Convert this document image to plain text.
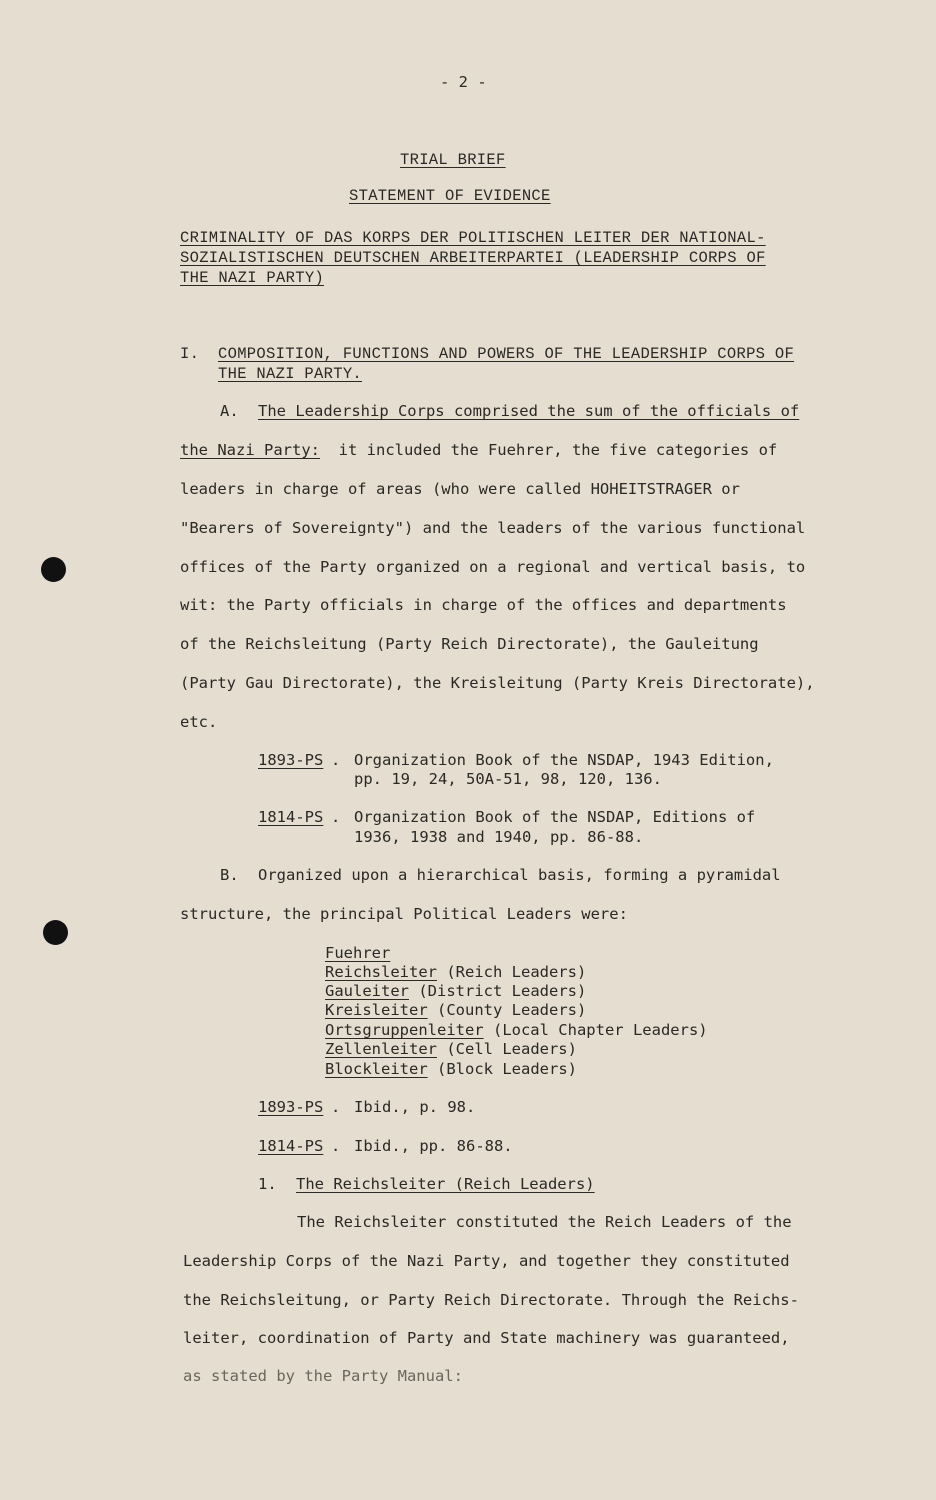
- 2 -
TRIAL BRIEF
STATEMENT OF EVIDENCE
CRIMINALITY OF DAS KORPS DER POLITISCHEN LEITER DER NATIONAL-
SOZIALISTISCHEN DEUTSCHEN ARBEITERPARTEI (LEADERSHIP CORPS OF
THE NAZI PARTY)
I. COMPOSITION, FUNCTIONS AND POWERS OF THE LEADERSHIP CORPS OF
THE NAZI PARTY.
A. The Leadership Corps comprised the sum of the officials of
the Nazi Party: it included the Fuehrer, the five categories of
leaders in charge of areas (who were called HOHEITSTRAGER or
"Bearers of Sovereignty") and the leaders of the various functional
offices of the Party organized on a regional and vertical basis, to
wit: the Party officials in charge of the offices and departments
of the Reichsleitung (Party Reich Directorate), the Gauleitung
(Party Gau Directorate), the Kreisleitung (Party Kreis Directorate),
etc.
1893-PS . Organization Book of the NSDAP, 1943 Edition,
pp. 19, 24, 50A-51, 98, 120, 136.
1814-PS . Organization Book of the NSDAP, Editions of
1936, 1938 and 1940, pp. 86-88.
B. Organized upon a hierarchical basis, forming a pyramidal
structure, the principal Political Leaders were:
Fuehrer
Reichsleiter (Reich Leaders)
Gauleiter (District Leaders)
Kreisleiter (County Leaders)
Ortsgruppenleiter (Local Chapter Leaders)
Zellenleiter (Cell Leaders)
Blockleiter (Block Leaders)
1893-PS . Ibid., p. 98.
1814-PS . Ibid., pp. 86-88.
1. The Reichsleiter (Reich Leaders)
The Reichsleiter constituted the Reich Leaders of the
Leadership Corps of the Nazi Party, and together they constituted
the Reichsleitung, or Party Reich Directorate. Through the Reichs-
leiter, coordination of Party and State machinery was guaranteed,
as stated by the Party Manual:
